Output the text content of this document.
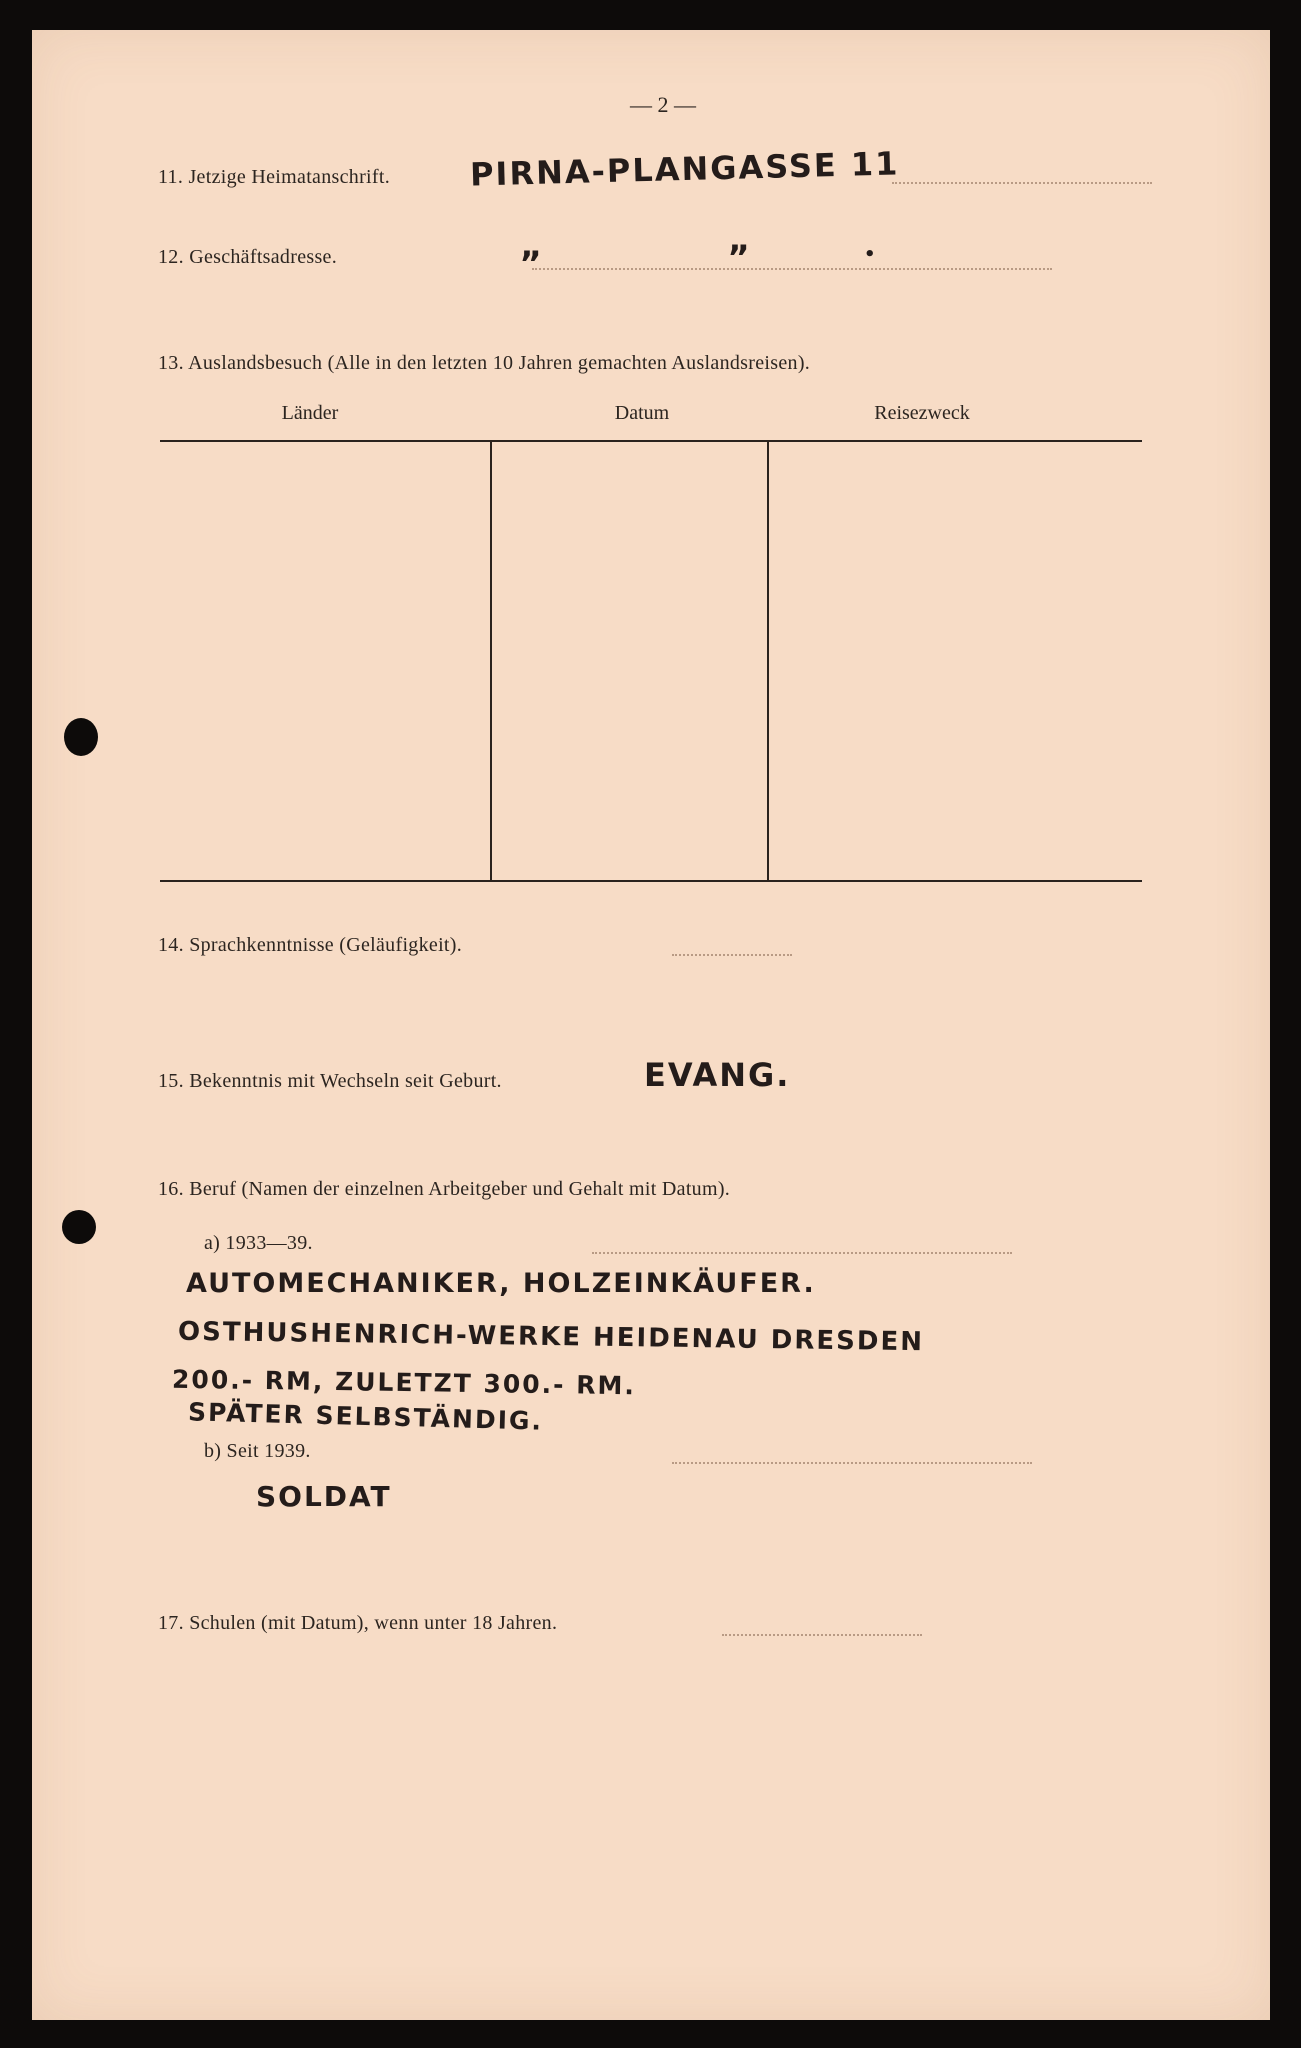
— 2 —
11. Jetzige Heimatanschrift. PIRNA-PLANGASSE 11
12. Geschäftsadresse.	„	„	•
13. Auslandsbesuch (Alle in den letzten 10 Jahren gemachten Auslandsreisen).
Länder	Datum	Reisezweck
14. Sprachkenntnisse (Geläufigkeit).
15. Bekenntnis mit Wechseln seit Geburt.	EVANG.
16. Beruf (Namen der einzelnen Arbeitgeber und Gehalt mit Datum).
a) 1933—39.
AUTOMECHANIKER, HOLZEINKÄUFER.
OSTHUSHENRICH-WERKE HEIDENAU DRESDEN
200.- RM, ZULETZT 300.- RM.
SPÄTER SELBSTÄNDIG.
b) Seit 1939.
SOLDAT
17. Schulen (mit Datum), wenn unter 18 Jahren.
